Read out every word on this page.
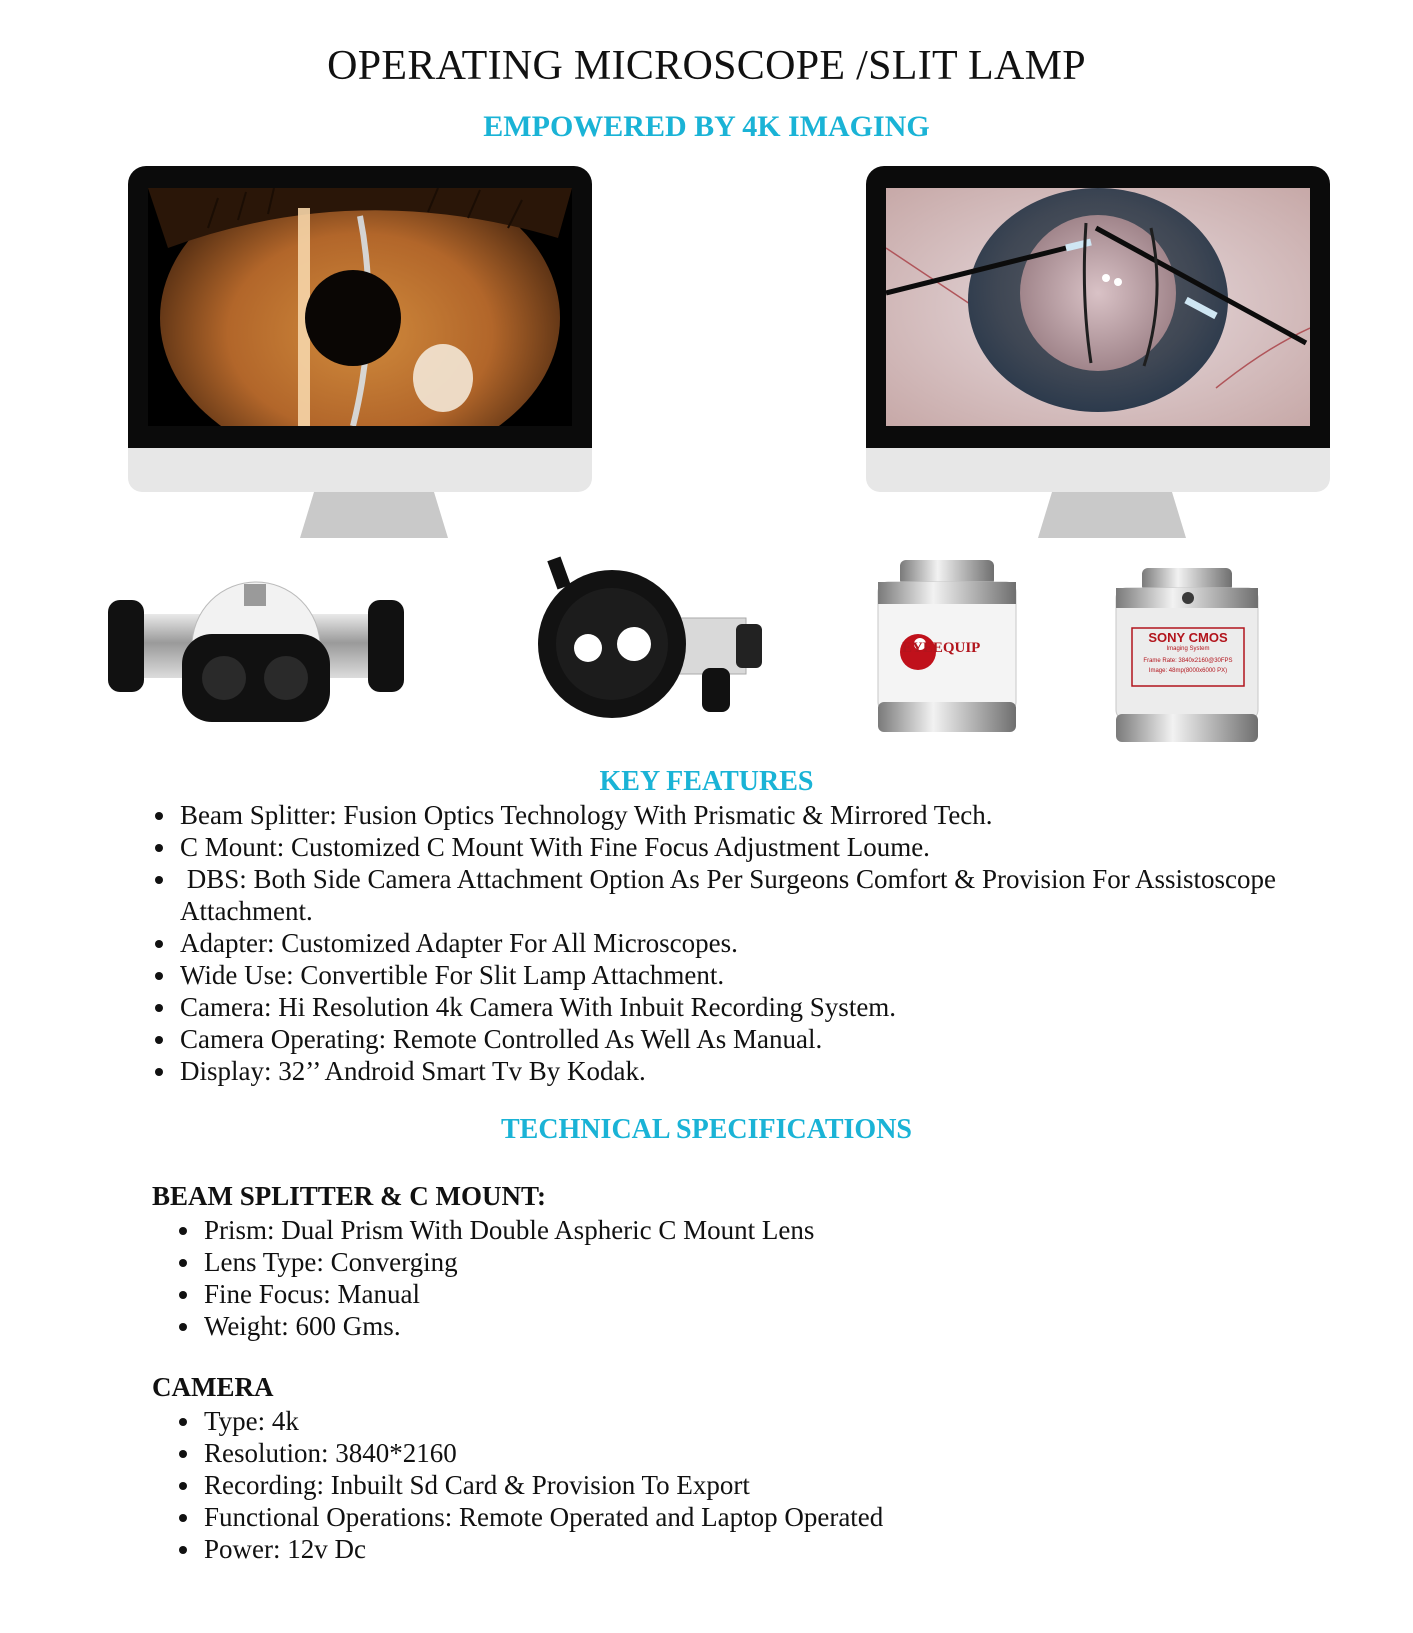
OPERATING MICROSCOPE /SLIT LAMP
EMPOWERED BY 4K IMAGING
EYEEQUIP
SONY CMOS
Imaging System
Frame Rate: 3840x2160@30FPS
Image: 48mp(8000x6000 PX)
KEY FEATURES
• Beam Splitter: Fusion Optics Technology With Prismatic & Mirrored Tech.
• C Mount: Customized C Mount With Fine Focus Adjustment Loume.
•  DBS: Both Side Camera Attachment Option As Per Surgeons Comfort & Provision For Assistoscope   Attachment.
• Adapter: Customized Adapter For All Microscopes.
• Wide Use: Convertible For Slit Lamp Attachment.
• Camera: Hi Resolution 4k Camera With Inbuit Recording System.
• Camera Operating: Remote Controlled As Well As Manual.
• Display: 32’’ Android Smart Tv By Kodak.
TECHNICAL SPECIFICATIONS
BEAM SPLITTER & C MOUNT:
• Prism: Dual Prism With Double Aspheric C Mount Lens
• Lens Type: Converging
• Fine Focus: Manual
• Weight: 600 Gms.
CAMERA
• Type: 4k
• Resolution: 3840*2160
• Recording: Inbuilt Sd Card & Provision To Export
• Functional Operations: Remote Operated and Laptop Operated
• Power: 12v Dc
